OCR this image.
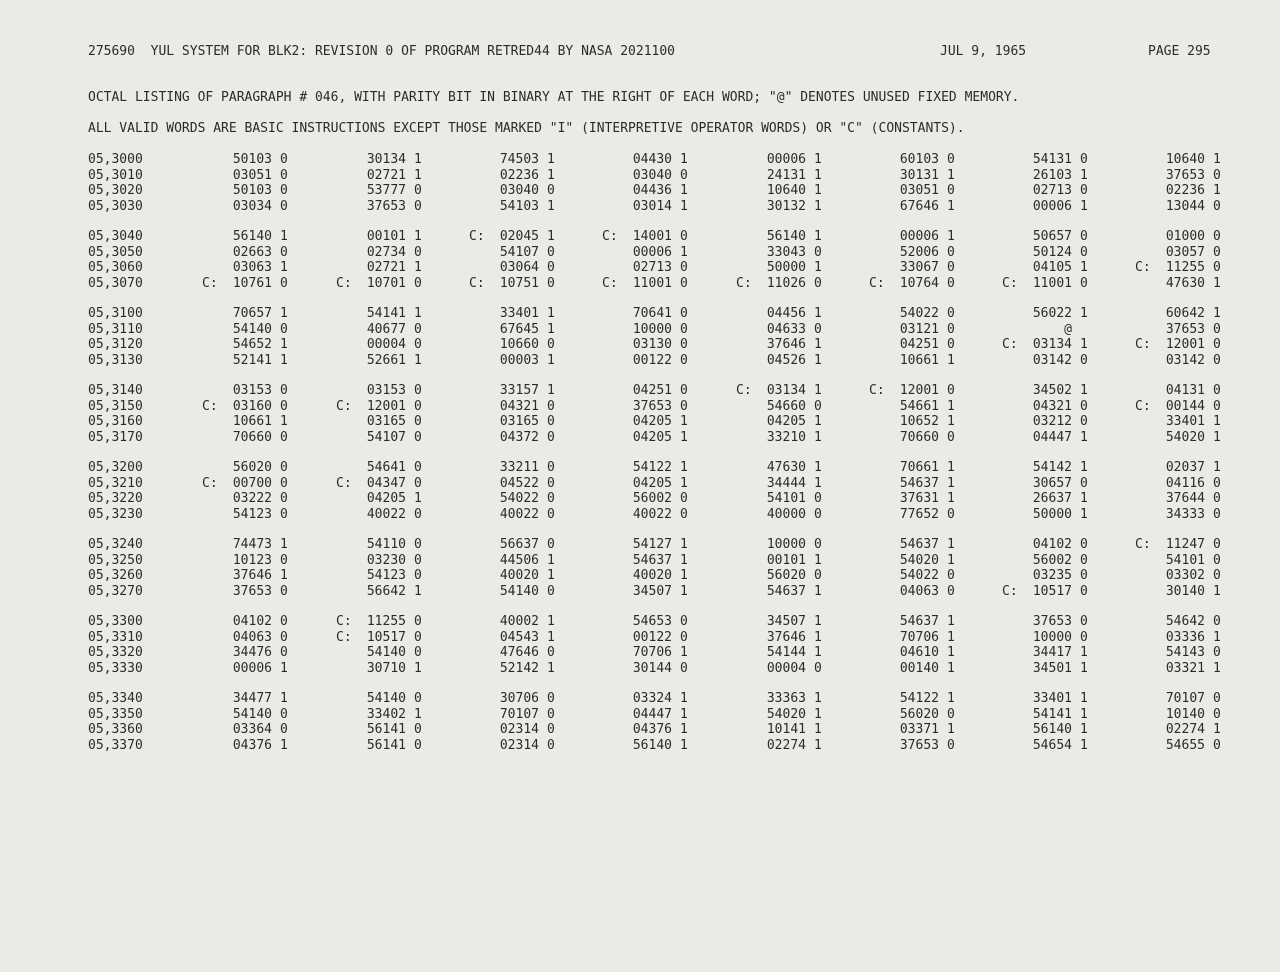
275690  YUL SYSTEM FOR BLK2: REVISION 0 OF PROGRAM RETRED44 BY NASA 2021100	JUL 9, 1965	PAGE 295
OCTAL LISTING OF PARAGRAPH # 046, WITH PARITY BIT IN BINARY AT THE RIGHT OF EACH WORD; "@" DENOTES UNUSED FIXED MEMORY.
ALL VALID WORDS ARE BASIC INSTRUCTIONS EXCEPT THOSE MARKED "I" (INTERPRETIVE OPERATOR WORDS) OR "C" (CONSTANTS).
05,3000	50103 0	30134 1	74503 1	04430 1	00006 1	60103 0	54131 0	10640 1
05,3010	03051 0	02721 1	02236 1	03040 0	24131 1	30131 1	26103 1	37653 0
05,3020	50103 0	53777 0	03040 0	04436 1	10640 1	03051 0	02713 0	02236 1
05,3030	03034 0	37653 0	54103 1	03014 1	30132 1	67646 1	00006 1	13044 0
05,3040	56140 1	00101 1	C: 02045 1	C: 14001 0	56140 1	00006 1	50657 0	01000 0
05,3050	02663 0	02734 0	54107 0	00006 1	33043 0	52006 0	50124 0	03057 0
05,3060	03063 1	02721 1	03064 0	02713 0	50000 1	33067 0	04105 1	C: 11255 0
05,3070	C: 10761 0	C: 10701 0	C: 10751 0	C: 11001 0	C: 11026 0	C: 10764 0	C: 11001 0	47630 1
05,3100	70657 1	54141 1	33401 1	70641 0	04456 1	54022 0	56022 1	60642 1
05,3110	54140 0	40677 0	67645 1	10000 0	04633 0	03121 0	@	37653 0
05,3120	54652 1	00004 0	10660 0	03130 0	37646 1	04251 0	C: 03134 1	C: 12001 0
05,3130	52141 1	52661 1	00003 1	00122 0	04526 1	10661 1	03142 0	03142 0
05,3140	03153 0	03153 0	33157 1	04251 0	C: 03134 1	C: 12001 0	34502 1	04131 0
05,3150	C: 03160 0	C: 12001 0	04321 0	37653 0	54660 0	54661 1	04321 0	C: 00144 0
05,3160	10661 1	03165 0	03165 0	04205 1	04205 1	10652 1	03212 0	33401 1
05,3170	70660 0	54107 0	04372 0	04205 1	33210 1	70660 0	04447 1	54020 1
05,3200	56020 0	54641 0	33211 0	54122 1	47630 1	70661 1	54142 1	02037 1
05,3210	C: 00700 0	C: 04347 0	04522 0	04205 1	34444 1	54637 1	30657 0	04116 0
05,3220	03222 0	04205 1	54022 0	56002 0	54101 0	37631 1	26637 1	37644 0
05,3230	54123 0	40022 0	40022 0	40022 0	40000 0	77652 0	50000 1	34333 0
05,3240	74473 1	54110 0	56637 0	54127 1	10000 0	54637 1	04102 0	C: 11247 0
05,3250	10123 0	03230 0	44506 1	54637 1	00101 1	54020 1	56002 0	54101 0
05,3260	37646 1	54123 0	40020 1	40020 1	56020 0	54022 0	03235 0	03302 0
05,3270	37653 0	56642 1	54140 0	34507 1	54637 1	04063 0	C: 10517 0	30140 1
05,3300	04102 0	C: 11255 0	40002 1	54653 0	34507 1	54637 1	37653 0	54642 0
05,3310	04063 0	C: 10517 0	04543 1	00122 0	37646 1	70706 1	10000 0	03336 1
05,3320	34476 0	54140 0	47646 0	70706 1	54144 1	04610 1	34417 1	54143 0
05,3330	00006 1	30710 1	52142 1	30144 0	00004 0	00140 1	34501 1	03321 1
05,3340	34477 1	54140 0	30706 0	03324 1	33363 1	54122 1	33401 1	70107 0
05,3350	54140 0	33402 1	70107 0	04447 1	54020 1	56020 0	54141 1	10140 0
05,3360	03364 0	56141 0	02314 0	04376 1	10141 1	03371 1	56140 1	02274 1
05,3370	04376 1	56141 0	02314 0	56140 1	02274 1	37653 0	54654 1	54655 0
